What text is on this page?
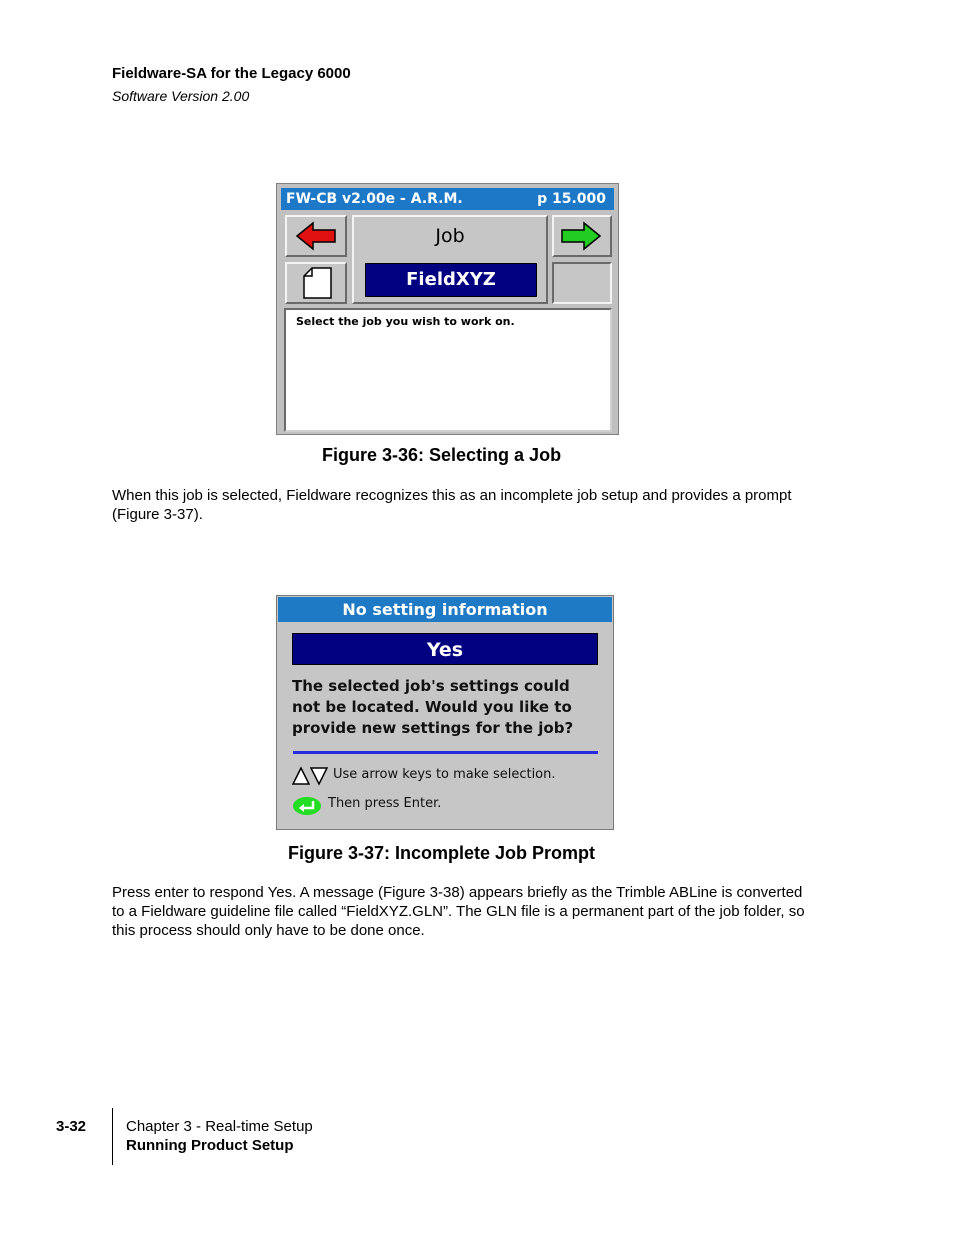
Fieldware-SA for the Legacy 6000
Software Version 2.00
FW-CB v2.00e - A.R.M.	p 15.000
Job
FieldXYZ
Select the job you wish to work on.
Figure 3-36: Selecting a Job
When this job is selected, Fieldware recognizes this as an incomplete job setup and provides a prompt (Figure 3-37).
No setting information
Yes
The selected job's settings could not be located. Would you like to provide new settings for the job?
Use arrow keys to make selection.
Then press Enter.
Figure 3-37: Incomplete Job Prompt
Press enter to respond Yes. A message (Figure 3-38) appears briefly as the Trimble ABLine is converted to a Fieldware guideline file called “FieldXYZ.GLN”. The GLN file is a permanent part of the job folder, so this process should only have to be done once.
3-32	Chapter 3 - Real-time Setup
Running Product Setup
